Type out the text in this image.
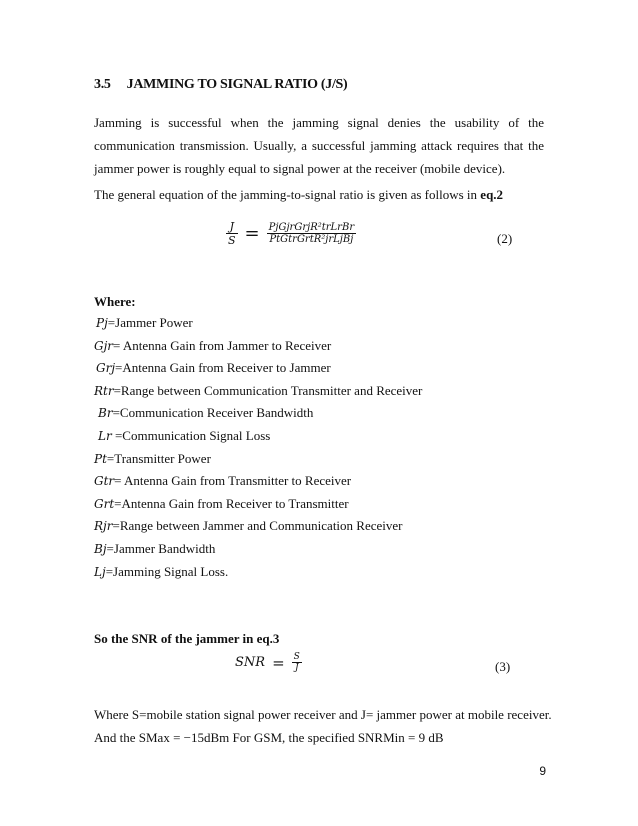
3.5 JAMMING TO SIGNAL RATIO (J/S)
Jamming is successful when the jamming signal denies the usability of the
communication transmission. Usually, a successful jamming attack requires that the
jammer power is roughly equal to signal power at the receiver (mobile device).
The general equation of the jamming-to-signal ratio is given as follows in eq.2
$\frac{J}{S} = \frac{\text{PjGjrGrjR²trLrBr}}{\text{PtGtrGrtR²jrLjBj}}$	(2)
Where:
Pj=Jammer Power
Gjr= Antenna Gain from Jammer to Receiver
Grj=Antenna Gain from Receiver to Jammer
Rtr=Range between Communication Transmitter and Receiver
Br=Communication Receiver Bandwidth
Lr =Communication Signal Loss
Pt=Transmitter Power
Gtr= Antenna Gain from Transmitter to Receiver
Grt=Antenna Gain from Receiver to Transmitter
Rjr=Range between Jammer and Communication Receiver
Bj=Jammer Bandwidth
Lj=Jamming Signal Loss.
So the SNR of the jammer in eq.3
SNR = $\frac{S}{J}$	(3)
Where S=mobile station signal power receiver and J= jammer power at mobile receiver.
And the SMax = −15dBm For GSM, the specified SNRMin = 9 dB
9
